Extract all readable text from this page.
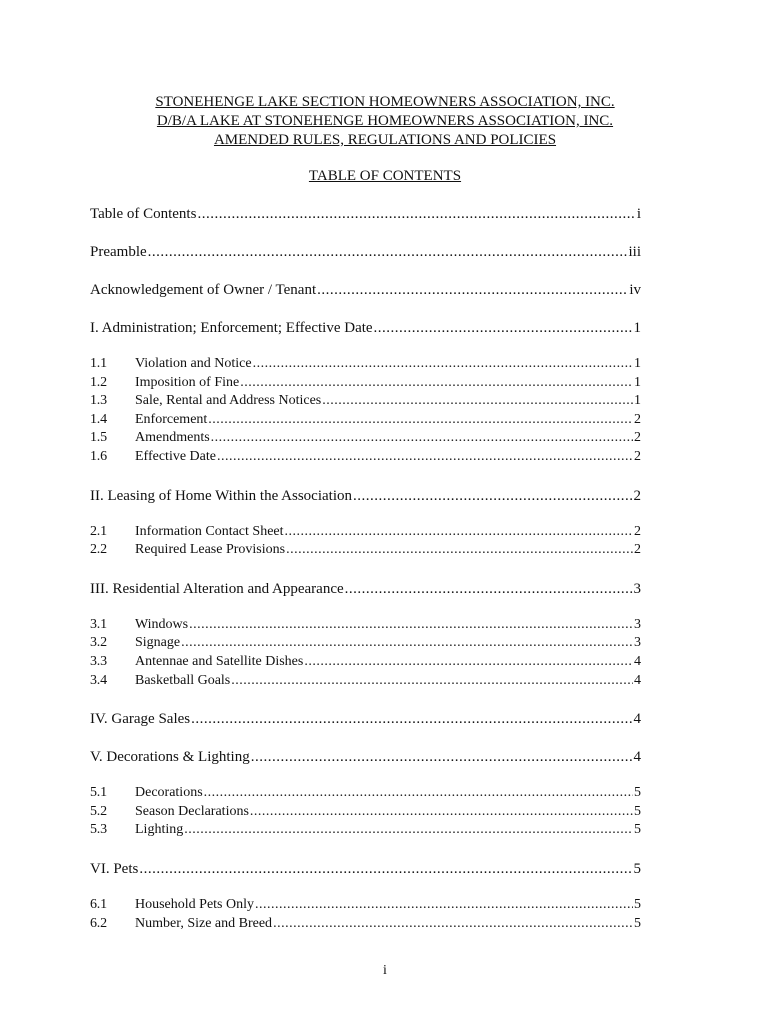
STONEHENGE LAKE SECTION HOMEOWNERS ASSOCIATION, INC.
D/B/A LAKE AT STONEHENGE HOMEOWNERS ASSOCIATION, INC.
AMENDED RULES, REGULATIONS AND POLICIES
TABLE OF CONTENTS
Table of Contents .....	i
Preamble .....	iii
Acknowledgement of Owner / Tenant .....	iv
I. Administration; Enforcement; Effective Date .....	1
1.1	Violation and Notice .....	1
1.2	Imposition of Fine .....	1
1.3	Sale, Rental and Address Notices .....	1
1.4	Enforcement .....	2
1.5	Amendments .....	2
1.6	Effective Date .....	2
II. Leasing of Home Within the Association .....	2
2.1	Information Contact Sheet .....	2
2.2	Required Lease Provisions .....	2
III. Residential Alteration and Appearance .....	3
3.1	Windows .....	3
3.2	Signage .....	3
3.3	Antennae and Satellite Dishes .....	4
3.4	Basketball Goals .....	4
IV. Garage Sales .....	4
V. Decorations & Lighting .....	4
5.1	Decorations .....	5
5.2	Season Declarations .....	5
5.3	Lighting .....	5
VI. Pets .....	5
6.1	Household Pets Only .....	5
6.2	Number, Size and Breed .....	5
i
